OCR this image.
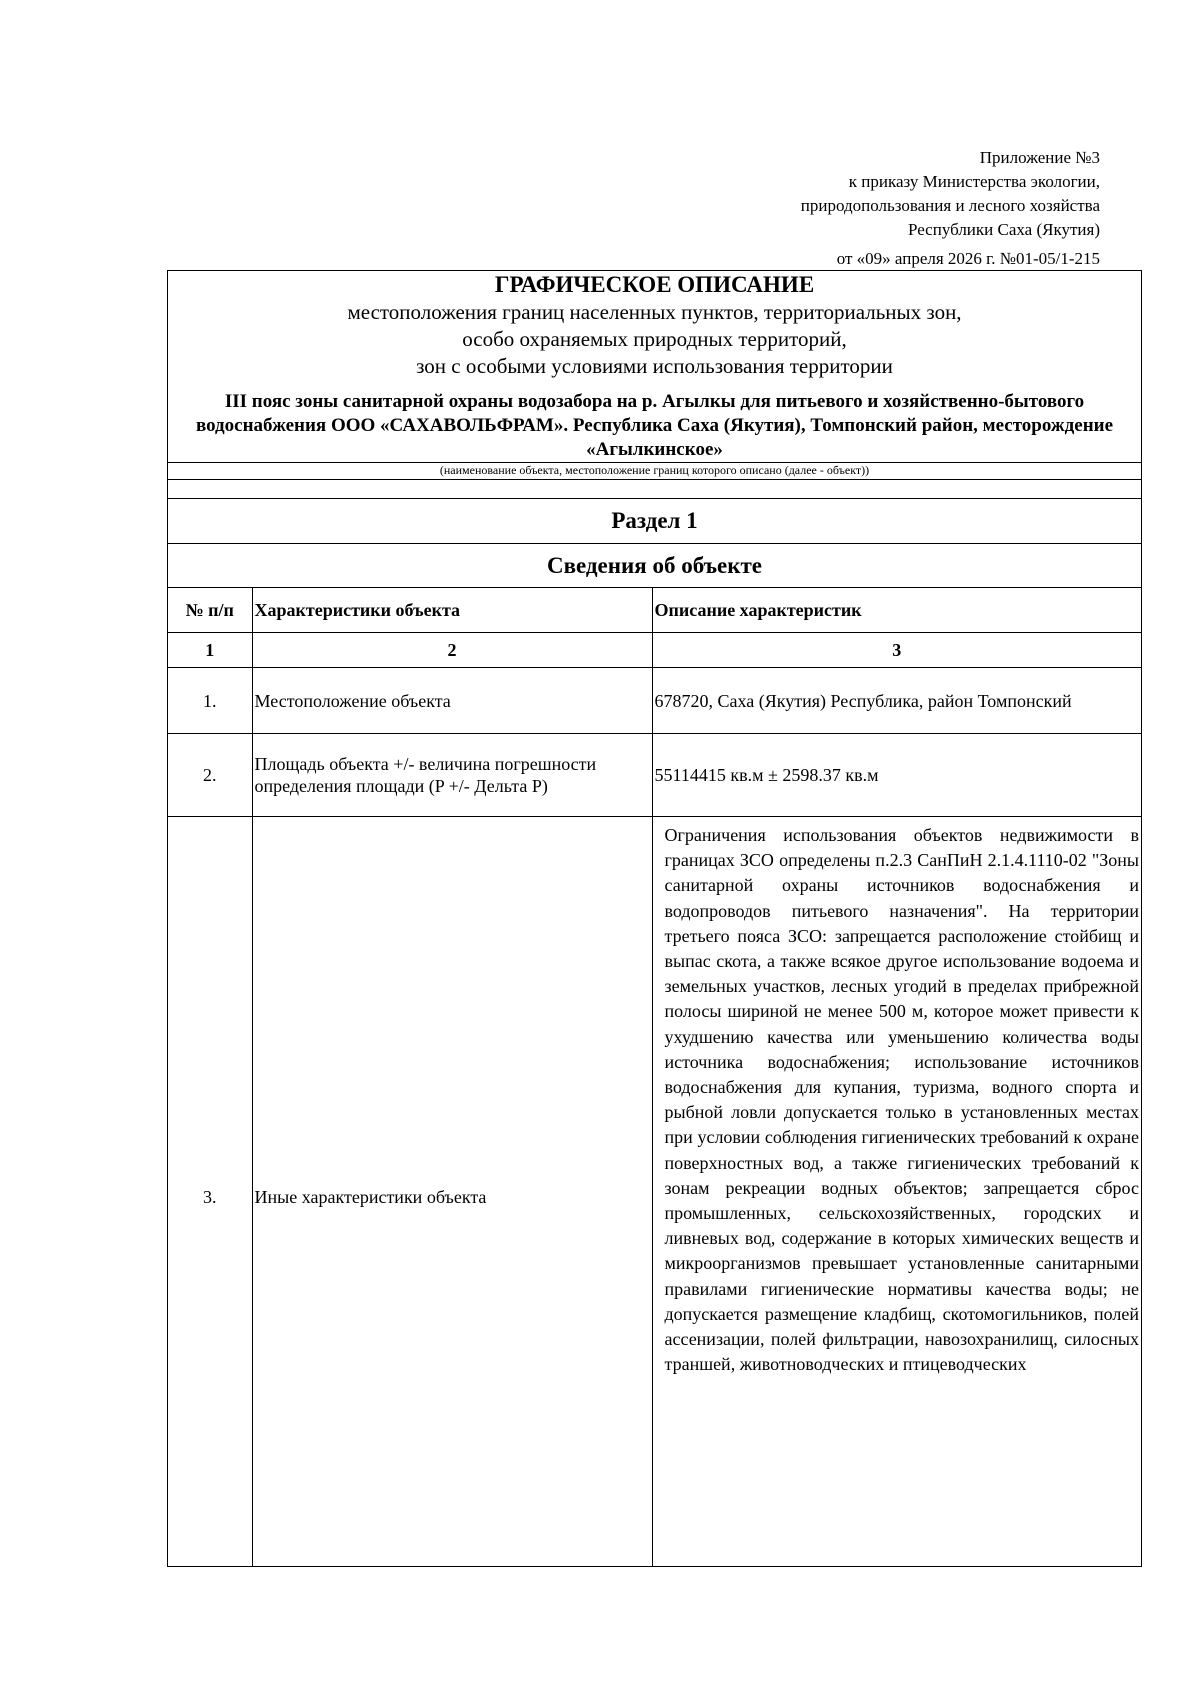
Приложение №3
к приказу Министерства экологии,
природопользования и лесного хозяйства
Республики Саха (Якутия)
от «09» апреля 2026 г. №01-05/1-215
ГРАФИЧЕСКОЕ ОПИСАНИЕ
местоположения границ населенных пунктов, территориальных зон,
особо охраняемых природных территорий,
зон с особыми условиями использования территории
III пояс зоны санитарной охраны водозабора на р. Агылкы для питьевого и хозяйственно-бытового водоснабжения ООО «САХАВОЛЬФРАМ». Республика Саха (Якутия), Томпонский район, месторождение «Агылкинское»
(наименование объекта, местоположение границ которого описано (далее - объект))
Раздел 1
Сведения об объекте
№ п/п	Характеристики объекта	Описание характеристик
1	2	3
1.	Местоположение объекта	678720, Саха (Якутия) Республика, район Томпонский
2.	Площадь объекта +/- величина погрешности определения площади (P +/- Дельта P)	55114415 кв.м ± 2598.37 кв.м
3.	Иные характеристики объекта	Ограничения использования объектов недвижимости в границах ЗСО определены п.2.3 СанПиН 2.1.4.1110-02 "Зоны санитарной охраны источников водоснабжения и водопроводов питьевого назначения". На территории третьего пояса ЗСО: запрещается расположение стойбищ и выпас скота, а также всякое другое использование водоема и земельных участков, лесных угодий в пределах прибрежной полосы шириной не менее 500 м, которое может привести к ухудшению качества или уменьшению количества воды источника водоснабжения; использование источников водоснабжения для купания, туризма, водного спорта и рыбной ловли допускается только в установленных местах при условии соблюдения гигиенических требований к охране поверхностных вод, а также гигиенических требований к зонам рекреации водных объектов; запрещается сброс промышленных, сельскохозяйственных, городских и ливневых вод, содержание в которых химических веществ и микроорганизмов превышает установленные санитарными правилами гигиенические нормативы качества воды; не допускается размещение кладбищ, скотомогильников, полей ассенизации, полей фильтрации, навозохранилищ, силосных траншей, животноводческих и птицеводческих
